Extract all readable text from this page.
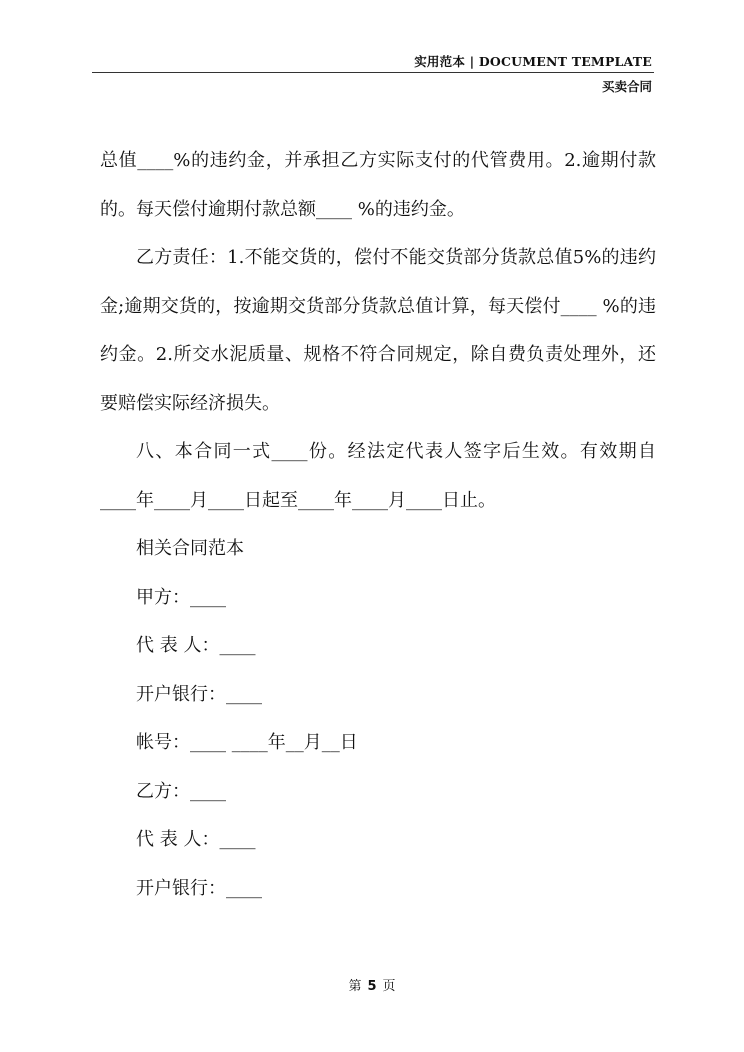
实用范本 | DOCUMENT TEMPLATE
买卖合同

总值____%的违约金，并承担乙方实际支付的代管费用。2.逾期付款的。每天偿付逾期付款总额____ %的违约金。

乙方责任：1.不能交货的，偿付不能交货部分货款总值5%的违约金;逾期交货的，按逾期交货部分货款总值计算，每天偿付____ %的违约金。2.所交水泥质量、规格不符合同规定，除自费负责处理外，还要赔偿实际经济损失。

八、本合同一式____份。经法定代表人签字后生效。有效期自____年____月____日起至____年____月____日止。

相关合同范本
甲方：____
代 表 人：____
开户银行：____
帐号：____ ____年__月__日
乙方：____
代 表 人：____
开户银行：____
第 5 页
